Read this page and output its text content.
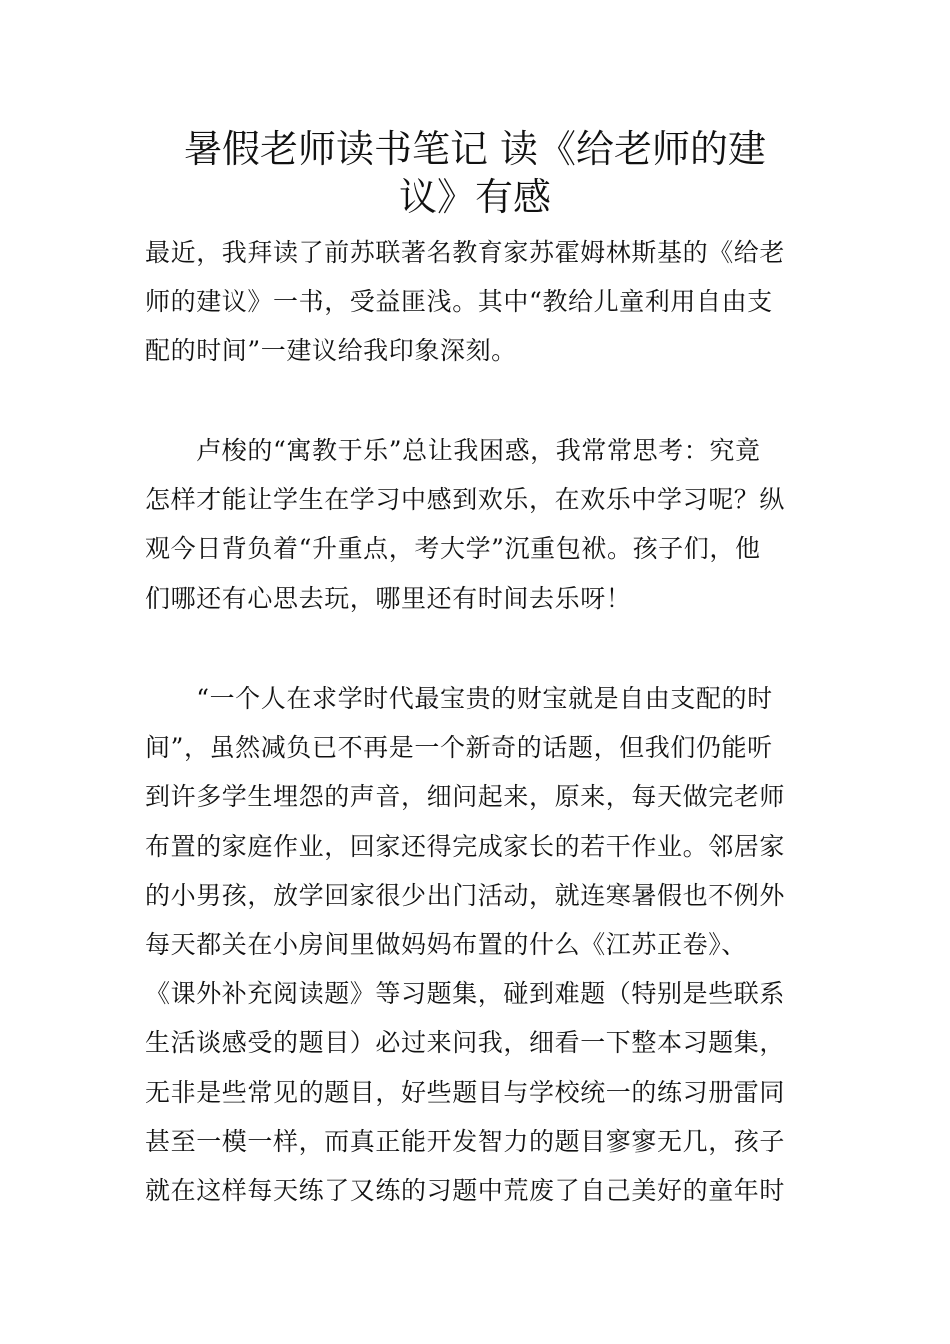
暑假老师读书笔记 读《给老师的建
议》有感

最近，我拜读了前苏联著名教育家苏霍姆林斯基的《给老
师的建议》一书，受益匪浅。其中“教给儿童利用自由支
配的时间”一建议给我印象深刻。

　　卢梭的“寓教于乐”总让我困惑，我常常思考：究竟
怎样才能让学生在学习中感到欢乐，在欢乐中学习呢？纵
观今日背负着“升重点，考大学”沉重包袱。孩子们，他
们哪还有心思去玩，哪里还有时间去乐呀！

　　“一个人在求学时代最宝贵的财宝就是自由支配的时
间”，虽然减负已不再是一个新奇的话题，但我们仍能听
到许多学生埋怨的声音，细问起来，原来，每天做完老师
布置的家庭作业，回家还得完成家长的若干作业。邻居家
的小男孩，放学回家很少出门活动，就连寒暑假也不例外
每天都关在小房间里做妈妈布置的什么《江苏正卷》、
《课外补充阅读题》等习题集，碰到难题（特别是些联系
生活谈感受的题目）必过来问我，细看一下整本习题集，
无非是些常见的题目，好些题目与学校统一的练习册雷同
甚至一模一样，而真正能开发智力的题目寥寥无几，孩子
就在这样每天练了又练的习题中荒废了自己美好的童年时
